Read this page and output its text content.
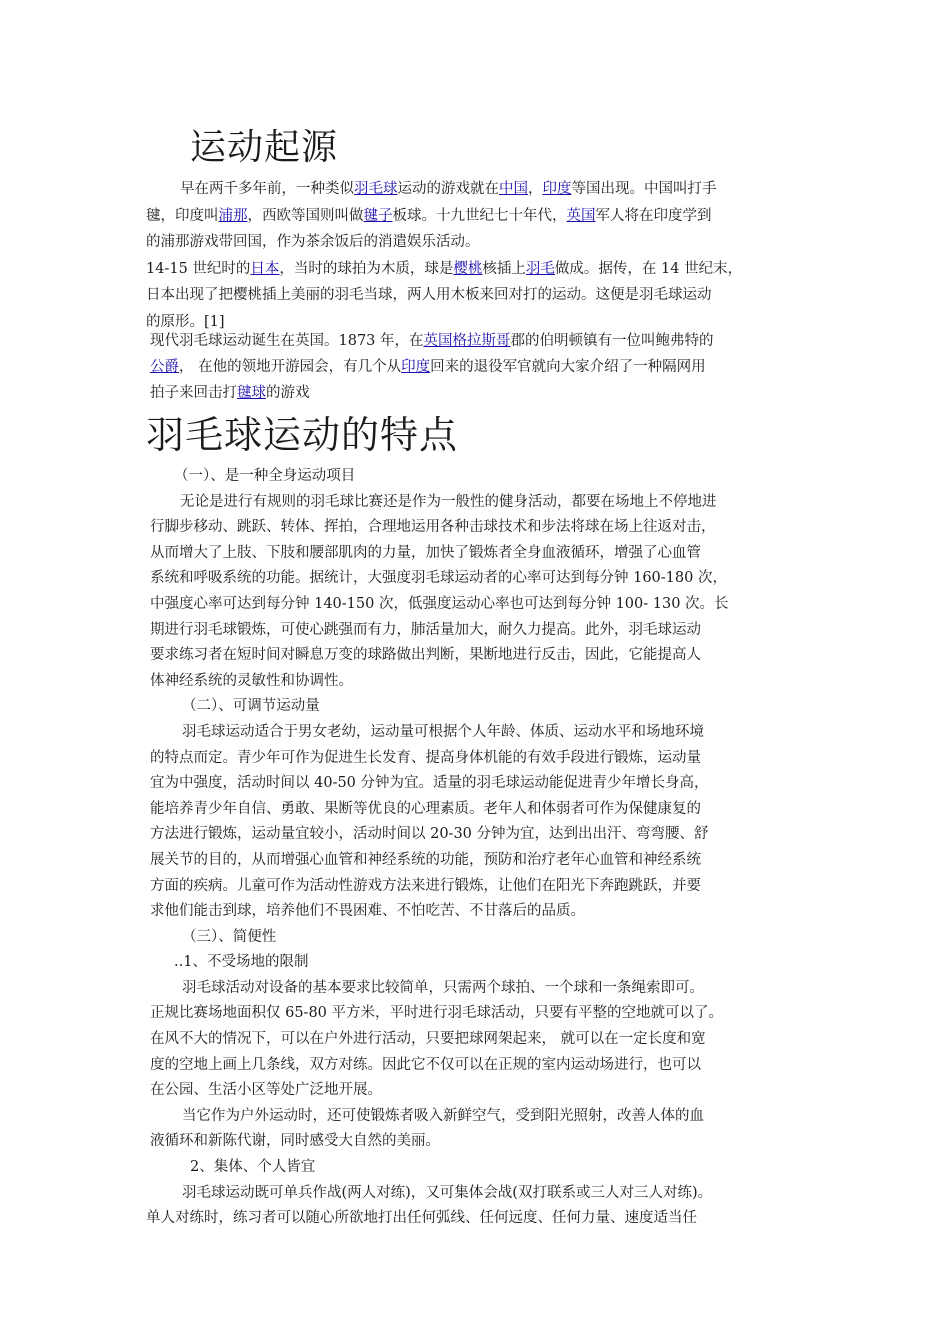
运动起源
早在两千多年前，一种类似羽毛球运动的游戏就在中国，印度等国出现。中国叫打手
毽，印度叫浦那，西欧等国则叫做毽子板球。十九世纪七十年代，英国军人将在印度学到
的浦那游戏带回国，作为茶余饭后的消遣娱乐活动。
14-15 世纪时的日本，当时的球拍为木质，球是樱桃核插上羽毛做成。据传，在 14 世纪末，
日本出现了把樱桃插上美丽的羽毛当球，两人用木板来回对打的运动。这便是羽毛球运动
的原形。[1]
现代羽毛球运动诞生在英国。1873 年，在英国格拉斯哥郡的伯明顿镇有一位叫鲍弗特的
公爵， 在他的领地开游园会，有几个从印度回来的退役军官就向大家介绍了一种隔网用
拍子来回击打毽球的游戏
羽毛球运动的特点
（一）、是一种全身运动项目
无论是进行有规则的羽毛球比赛还是作为一般性的健身活动，都要在场地上不停地进
行脚步移动、跳跃、转体、挥拍，合理地运用各种击球技术和步法将球在场上往返对击，
从而增大了上肢、下肢和腰部肌肉的力量，加快了锻炼者全身血液循环，增强了心血管
系统和呼吸系统的功能。据统计，大强度羽毛球运动者的心率可达到每分钟 160-180 次，
中强度心率可达到每分钟 140-150 次，低强度运动心率也可达到每分钟 100- 130 次。长
期进行羽毛球锻炼，可使心跳强而有力，肺活量加大，耐久力提高。此外，羽毛球运动
要求练习者在短时间对瞬息万变的球路做出判断，果断地进行反击，因此，它能提高人
体神经系统的灵敏性和协调性。
（二）、可调节运动量
羽毛球运动适合于男女老幼，运动量可根据个人年龄、体质、运动水平和场地环境
的特点而定。青少年可作为促进生长发育、提高身体机能的有效手段进行锻炼，运动量
宜为中强度，活动时间以 40-50 分钟为宜。适量的羽毛球运动能促进青少年增长身高，
能培养青少年自信、勇敢、果断等优良的心理素质。老年人和体弱者可作为保健康复的
方法进行锻炼，运动量宜较小，活动时间以 20-30 分钟为宜，达到出出汗、弯弯腰、舒
展关节的目的，从而增强心血管和神经系统的功能，预防和治疗老年心血管和神经系统
方面的疾病。儿童可作为活动性游戏方法来进行锻炼，让他们在阳光下奔跑跳跃，并要
求他们能击到球，培养他们不畏困难、不怕吃苦、不甘落后的品质。
（三）、简便性
..1、不受场地的限制
羽毛球活动对设备的基本要求比较简单，只需两个球拍、一个球和一条绳索即可。
正规比赛场地面积仅 65-80 平方米，平时进行羽毛球活动，只要有平整的空地就可以了。
在风不大的情况下，可以在户外进行活动，只要把球网架起来， 就可以在一定长度和宽
度的空地上画上几条线，双方对练。因此它不仅可以在正规的室内运动场进行，也可以
在公园、生活小区等处广泛地开展。
当它作为户外运动时，还可使锻炼者吸入新鲜空气，受到阳光照射，改善人体的血
液循环和新陈代谢，同时感受大自然的美丽。
2、集体、个人皆宜
羽毛球运动既可单兵作战(两人对练)，又可集体会战(双打联系或三人对三人对练)。
单人对练时，练习者可以随心所欲地打出任何弧线、任何远度、任何力量、速度适当任
